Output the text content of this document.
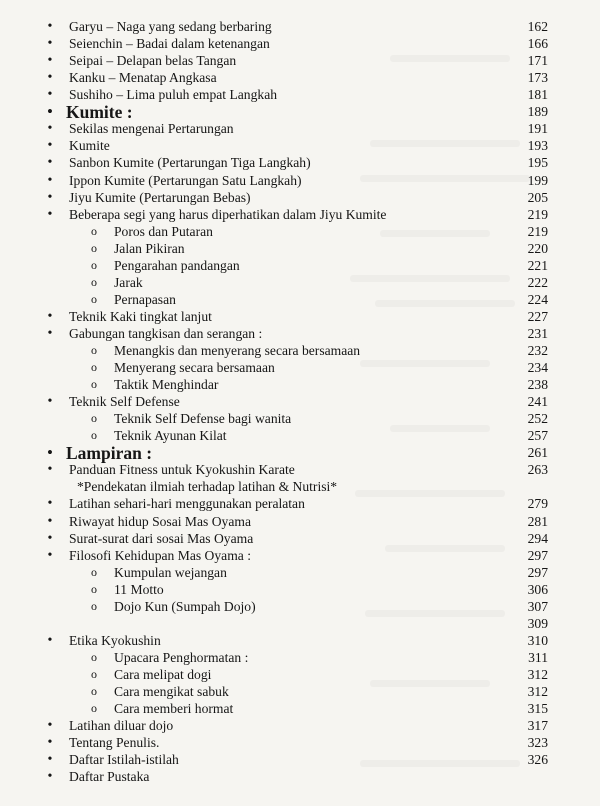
• Garyu – Naga yang sedang berbaring	162
• Seienchin – Badai dalam ketenangan	166
• Seipai – Delapan belas Tangan	171
• Kanku – Menatap Angkasa	173
• Sushiho – Lima puluh empat Langkah	181
• Kumite :	189
• Sekilas mengenai Pertarungan	191
• Kumite	193
• Sanbon Kumite (Pertarungan Tiga Langkah)	195
• Ippon Kumite (Pertarungan Satu Langkah)	199
• Jiyu Kumite (Pertarungan Bebas)	205
• Beberapa segi yang harus diperhatikan dalam Jiyu Kumite	219
o Poros dan Putaran	219
o Jalan Pikiran	220
o Pengarahan pandangan	221
o Jarak	222
o Pernapasan	224
• Teknik Kaki tingkat lanjut	227
• Gabungan tangkisan dan serangan :	231
o Menangkis dan menyerang secara bersamaan	232
o Menyerang secara bersamaan	234
o Taktik Menghindar	238
• Teknik Self Defense	241
o Teknik Self Defense bagi wanita	252
o Teknik Ayunan Kilat	257
• Lampiran :	261
• Panduan Fitness untuk Kyokushin Karate	263
*Pendekatan ilmiah terhadap latihan & Nutrisi*
• Latihan sehari-hari menggunakan peralatan	279
• Riwayat hidup Sosai Mas Oyama	281
• Surat-surat dari sosai Mas Oyama	294
• Filosofi Kehidupan Mas Oyama :	297
o Kumpulan wejangan	297
o 11 Motto	306
o Dojo Kun (Sumpah Dojo)	307
309
• Etika Kyokushin	310
o Upacara Penghormatan :	311
o Cara melipat dogi	312
o Cara mengikat sabuk	312
o Cara memberi hormat	315
• Latihan diluar dojo	317
• Tentang Penulis.	323
• Daftar Istilah-istilah	326
• Daftar Pustaka
